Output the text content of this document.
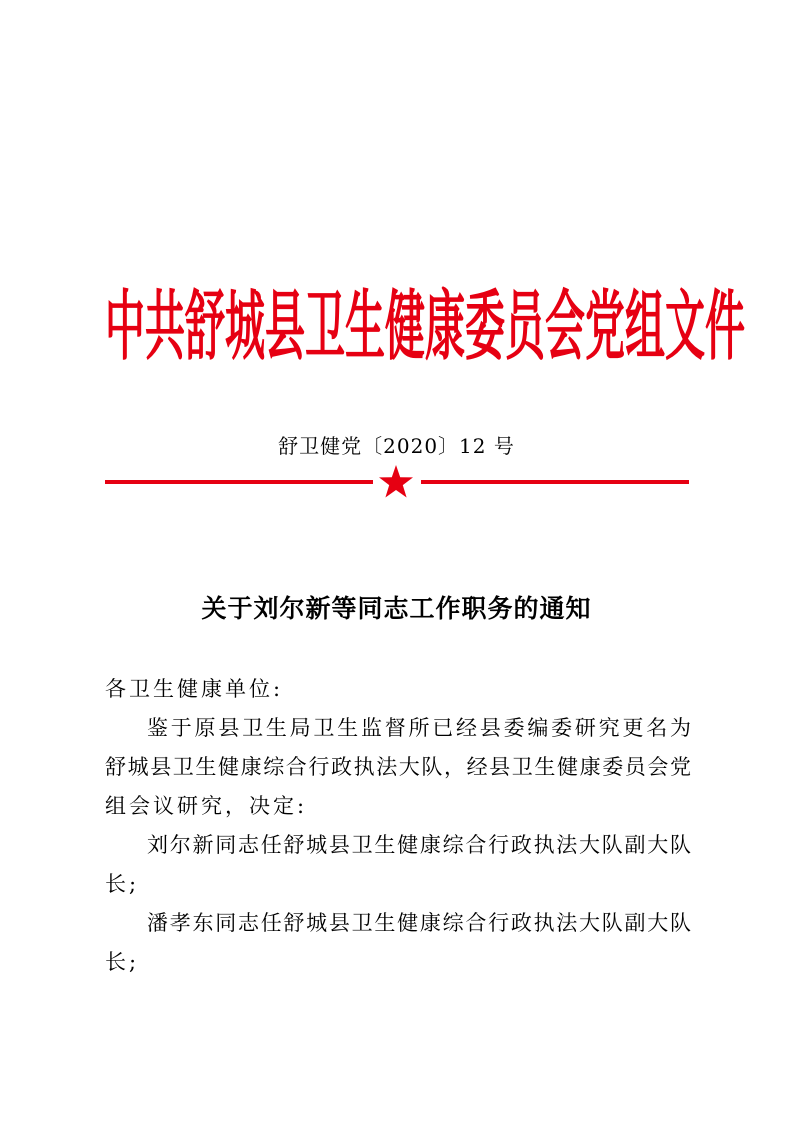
中共舒城县卫生健康委员会党组文件
舒卫健党〔2020〕12 号
关于刘尔新等同志工作职务的通知
各卫生健康单位:
鉴于原县卫生局卫生监督所已经县委编委研究更名为
舒城县卫生健康综合行政执法大队，经县卫生健康委员会党
组会议研究，决定:
刘尔新同志任舒城县卫生健康综合行政执法大队副大队
长;
潘孝东同志任舒城县卫生健康综合行政执法大队副大队
长;
